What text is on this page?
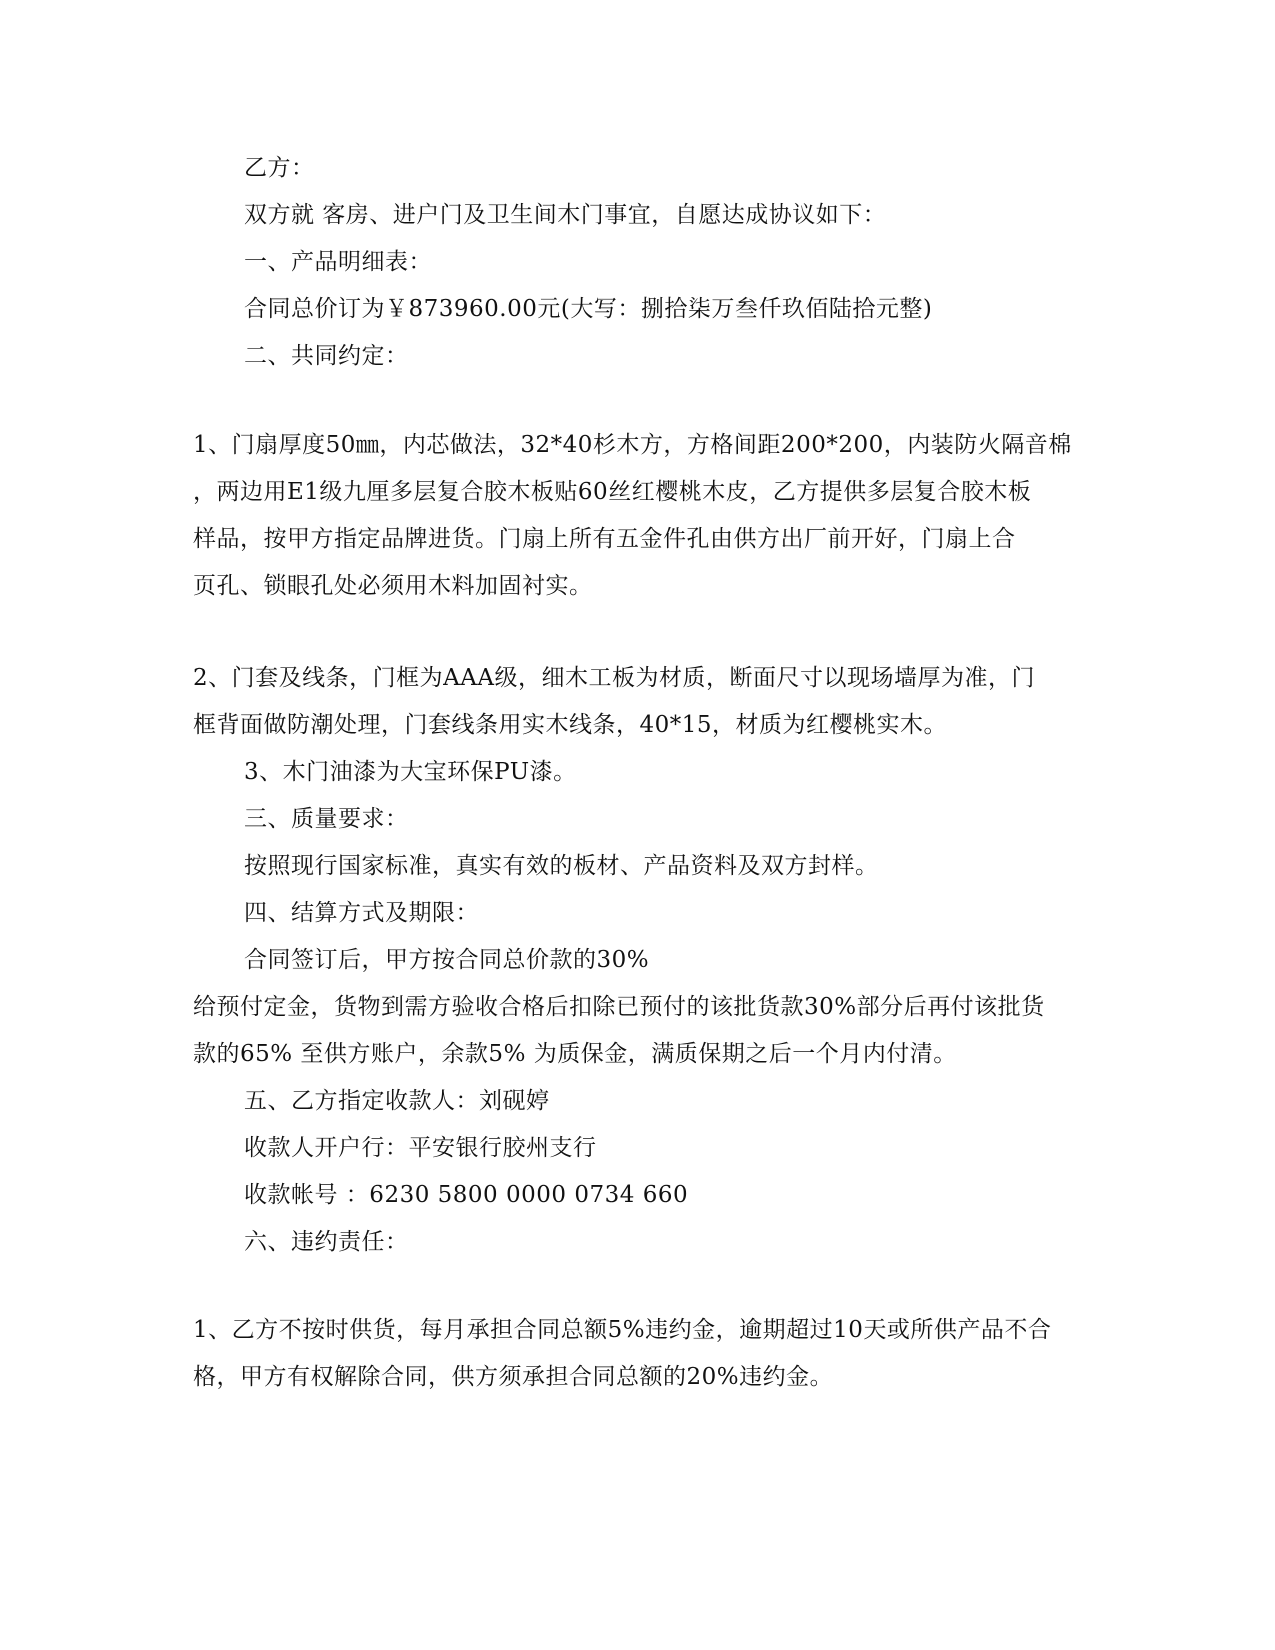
乙方：
双方就 客房、进户门及卫生间木门事宜，自愿达成协议如下：
一、产品明细表：
合同总价订为￥873960.00元(大写：捌拾柒万叁仟玖佰陆拾元整)
二、共同约定：
1、门扇厚度50㎜，内芯做法，32*40杉木方，方格间距200*200，内装防火隔音棉
，两边用E1级九厘多层复合胶木板贴60丝红樱桃木皮，乙方提供多层复合胶木板
样品，按甲方指定品牌进货。门扇上所有五金件孔由供方出厂前开好，门扇上合
页孔、锁眼孔处必须用木料加固衬实。
2、门套及线条，门框为AAA级，细木工板为材质，断面尺寸以现场墙厚为准，门
框背面做防潮处理，门套线条用实木线条，40*15，材质为红樱桃实木。
3、木门油漆为大宝环保PU漆。
三、质量要求：
按照现行国家标准，真实有效的板材、产品资料及双方封样。
四、结算方式及期限：
合同签订后，甲方按合同总价款的30%
给预付定金，货物到需方验收合格后扣除已预付的该批货款30%部分后再付该批货
款的65% 至供方账户，余款5% 为质保金，满质保期之后一个月内付清。
五、乙方指定收款人：刘砚婷
收款人开户行：平安银行胶州支行
收款帐号 ：6230 5800 0000 0734 660
六、违约责任：
1、乙方不按时供货，每月承担合同总额5%违约金，逾期超过10天或所供产品不合
格，甲方有权解除合同，供方须承担合同总额的20%违约金。
